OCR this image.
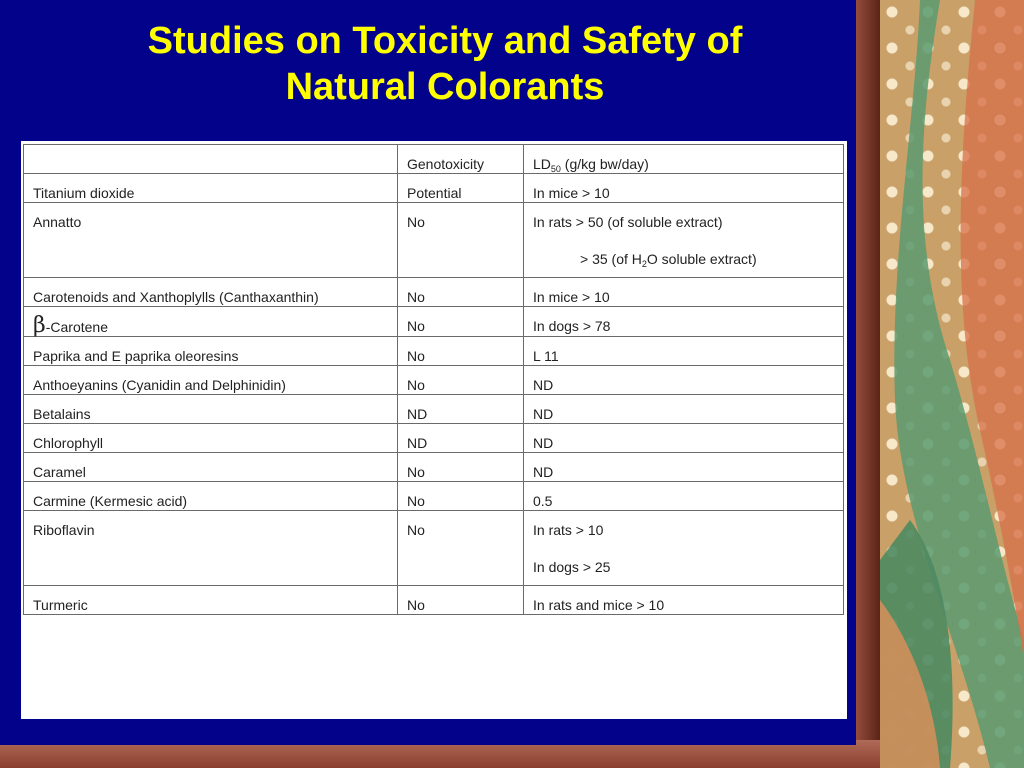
Studies on Toxicity and Safety of
Natural Colorants
	Genotoxicity	$LD_{50}$ (g/kg bw/day)
Titanium dioxide	Potential	In mice > 10
Annatto	No	In rats > 50 (of soluble extract)
> 35 (of $H_2O$ soluble extract)

Carotenoids and Xanthoplylls (Canthaxanthin)	No	In mice > 10
β-Carotene	No	In dogs > 78
Paprika and E paprika oleoresins	No	L 11
Anthoeyanins (Cyanidin and Delphinidin)	No	ND
Betalains	ND	ND
Chlorophyll	ND	ND
Caramel	No	ND
Carmine (Kermesic acid)	No	0.5
Riboflavin	No	In rats > 10
In dogs > 25

Turmeric	No	In rats and mice > 10
